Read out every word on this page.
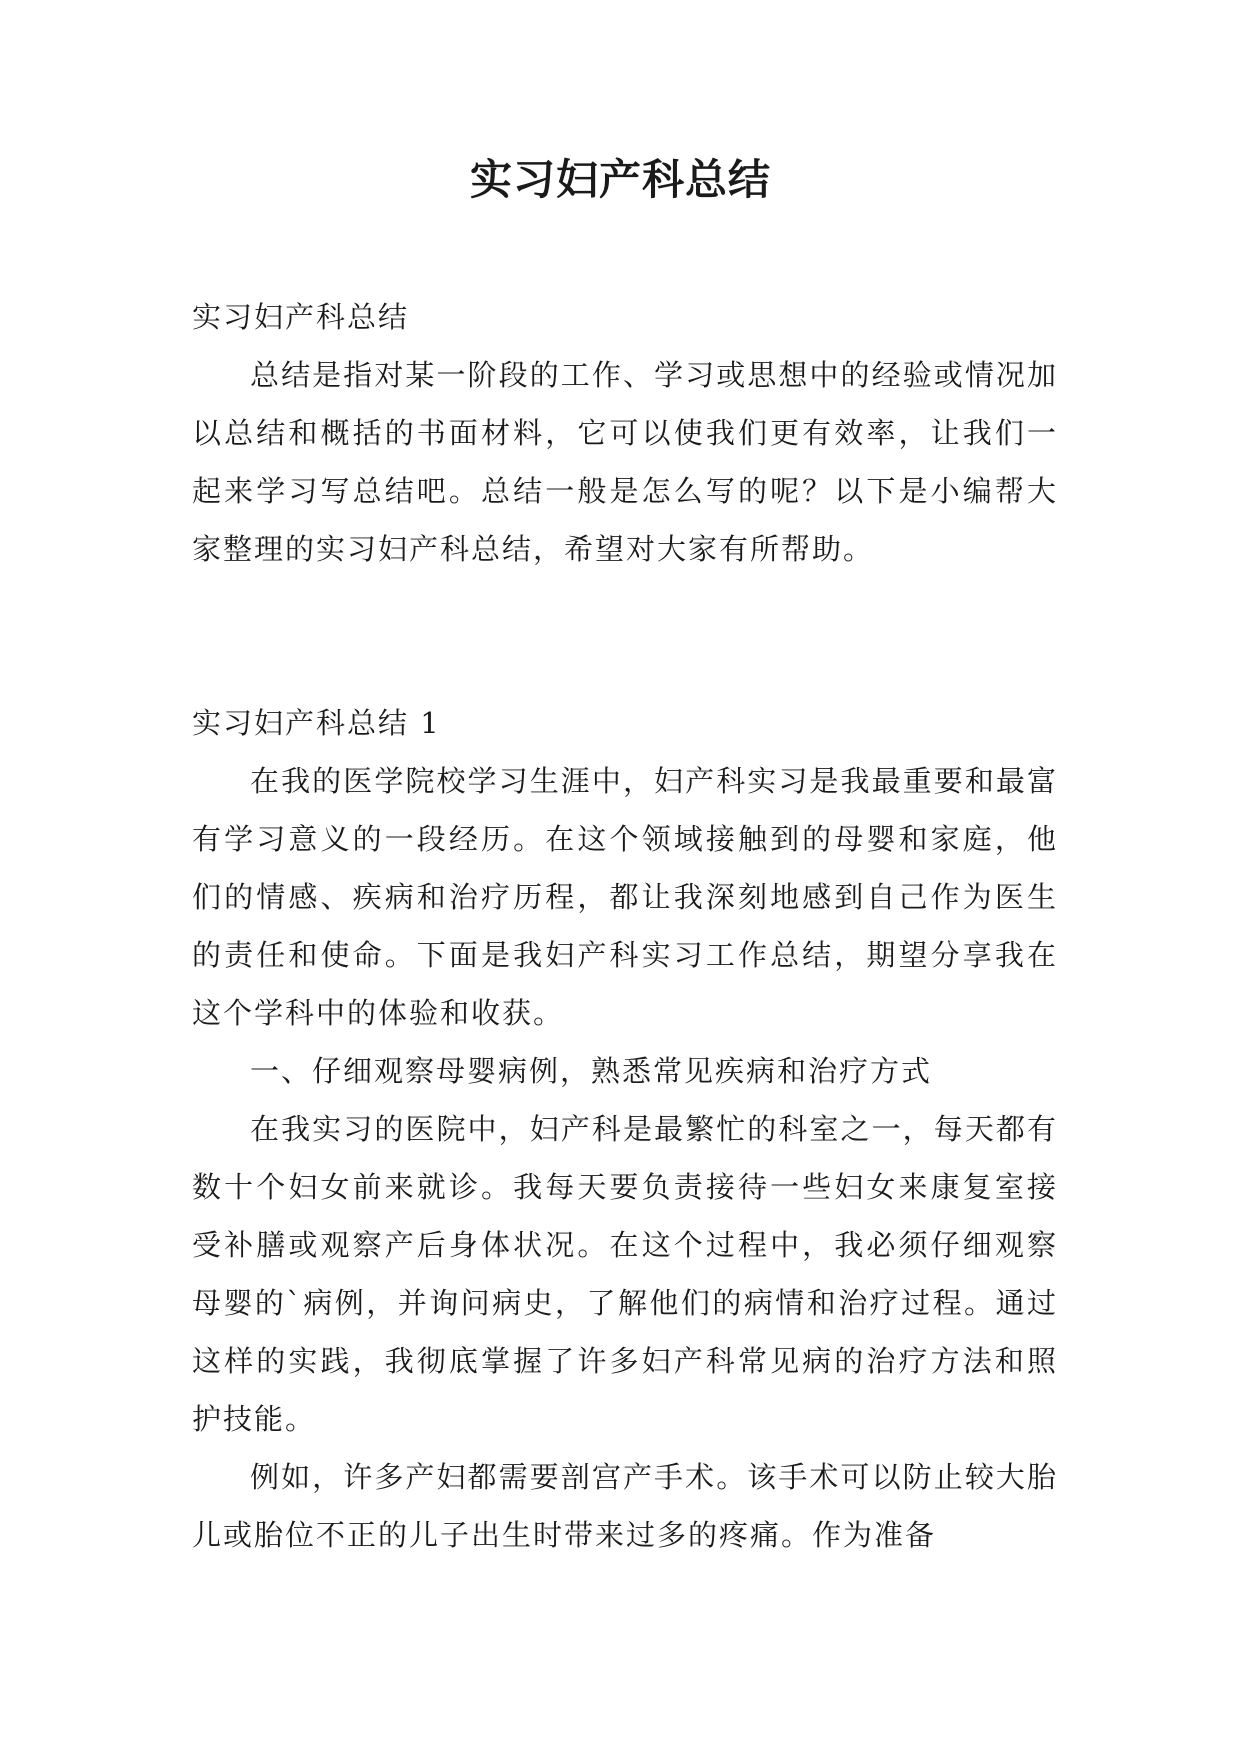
实习妇产科总结

实习妇产科总结

总结是指对某一阶段的工作、学习或思想中的经验或情况加以总结和概括的书面材料，它可以使我们更有效率，让我们一起来学习写总结吧。总结一般是怎么写的呢？以下是小编帮大家整理的实习妇产科总结，希望对大家有所帮助。

实习妇产科总结 1

在我的医学院校学习生涯中，妇产科实习是我最重要和最富有学习意义的一段经历。在这个领域接触到的母婴和家庭，他们的情感、疾病和治疗历程，都让我深刻地感到自己作为医生的责任和使命。下面是我妇产科实习工作总结，期望分享我在这个学科中的体验和收获。

一、仔细观察母婴病例，熟悉常见疾病和治疗方式

在我实习的医院中，妇产科是最繁忙的科室之一，每天都有数十个妇女前来就诊。我每天要负责接待一些妇女来康复室接受补膳或观察产后身体状况。在这个过程中，我必须仔细观察母婴的`病例，并询问病史，了解他们的病情和治疗过程。通过这样的实践，我彻底掌握了许多妇产科常见病的治疗方法和照护技能。

例如，许多产妇都需要剖宫产手术。该手术可以防止较大胎儿或胎位不正的儿子出生时带来过多的疼痛。作为准备
